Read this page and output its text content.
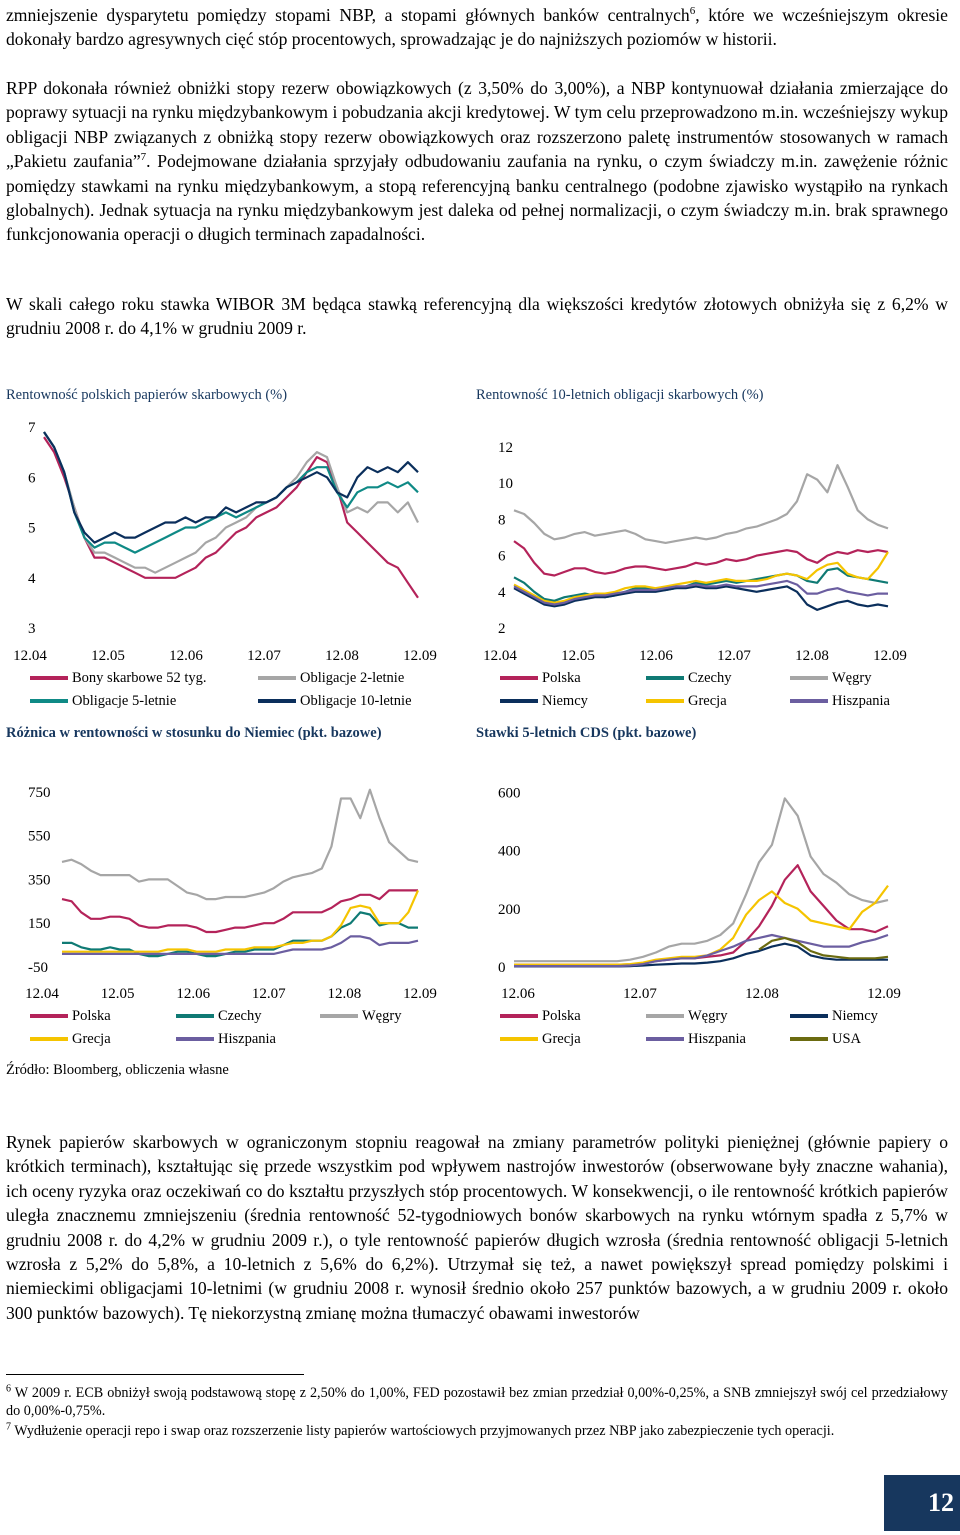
zmniejszenie dysparytetu pomiędzy stopami NBP, a stopami głównych banków centralnych$^6$, które we wcześniejszym okresie dokonały bardzo agresywnych cięć stóp procentowych, sprowadzając je do najniższych poziomów w historii.
RPP dokonała również obniżki stopy rezerw obowiązkowych (z 3,50% do 3,00%), a NBP kontynuował działania zmierzające do poprawy sytuacji na rynku międzybankowym i pobudzania akcji kredytowej. W tym celu przeprowadzono m.in. wcześniejszy wykup obligacji NBP związanych z obniżką stopy rezerw obowiązkowych oraz rozszerzono paletę instrumentów stosowanych w ramach „Pakietu zaufania”$^7$. Podejmowane działania sprzyjały odbudowaniu zaufania na rynku, o czym świadczy m.in. zawężenie różnic pomiędzy stawkami na rynku międzybankowym, a stopą referencyjną banku centralnego (podobne zjawisko wystąpiło na rynkach globalnych). Jednak sytuacja na rynku międzybankowym jest daleka od pełnej normalizacji, o czym świadczy m.in. brak sprawnego funkcjonowania operacji o długich terminach zapadalności.
W skali całego roku stawka WIBOR 3M będąca stawką referencyjną dla większości kredytów złotowych obniżyła się z 6,2% w grudniu 2008 r. do 4,1% w grudniu 2009 r.
Rentowność polskich papierów skarbowych (%)
3
4
5
6
7
12.04	12.05	12.06	12.07	12.08	12.09
Bony skarbowe 52 tyg.	Obligacje 2-letnie
Obligacje 5-letnie	Obligacje 10-letnie
Rentowność 10-letnich obligacji skarbowych (%)
2
4
6
8
10
12
12.04	12.05	12.06	12.07	12.08	12.09
Polska	Czechy	Węgry
Niemcy	Grecja	Hiszpania
Różnica w rentowności w stosunku do Niemiec (pkt. bazowe)
-50
150
350
550
750
12.04	12.05	12.06	12.07	12.08	12.09
Polska	Czechy	Węgry
Grecja	Hiszpania
Stawki 5-letnich CDS (pkt. bazowe)
0
200
400
600
12.06	12.07	12.08	12.09
Polska	Węgry	Niemcy
Grecja	Hiszpania	USA
Źródło: Bloomberg, obliczenia własne
Rynek papierów skarbowych w ograniczonym stopniu reagował na zmiany parametrów polityki pieniężnej (głównie papiery o krótkich terminach), kształtując się przede wszystkim pod wpływem nastrojów inwestorów (obserwowane były znaczne wahania), ich oceny ryzyka oraz oczekiwań co do kształtu przyszłych stóp procentowych. W konsekwencji, o ile rentowność krótkich papierów uległa znacznemu zmniejszeniu (średnia rentowność 52-tygodniowych bonów skarbowych na rynku wtórnym spadła z 5,7% w grudniu 2008 r. do 4,2% w grudniu 2009 r.), o tyle rentowność papierów długich wzrosła (średnia rentowność obligacji 5-letnich wzrosła z 5,2% do 5,8%, a 10-letnich z 5,6% do 6,2%). Utrzymał się też, a nawet powiększył spread pomiędzy polskimi i niemieckimi obligacjami 10-letnimi (w grudniu 2008 r. wynosił średnio około 257 punktów bazowych, a w grudniu 2009 r. około 300 punktów bazowych). Tę niekorzystną zmianę można tłumaczyć obawami inwestorów
$^6$ W 2009 r. ECB obniżył swoją podstawową stopę z 2,50% do 1,00%, FED pozostawił bez zmian przedział 0,00%-0,25%, a SNB zmniejszył swój cel przedziałowy do 0,00%-0,75%.
$^7$ Wydłużenie operacji repo i swap oraz rozszerzenie listy papierów wartościowych przyjmowanych przez NBP jako zabezpieczenie tych operacji.
12
